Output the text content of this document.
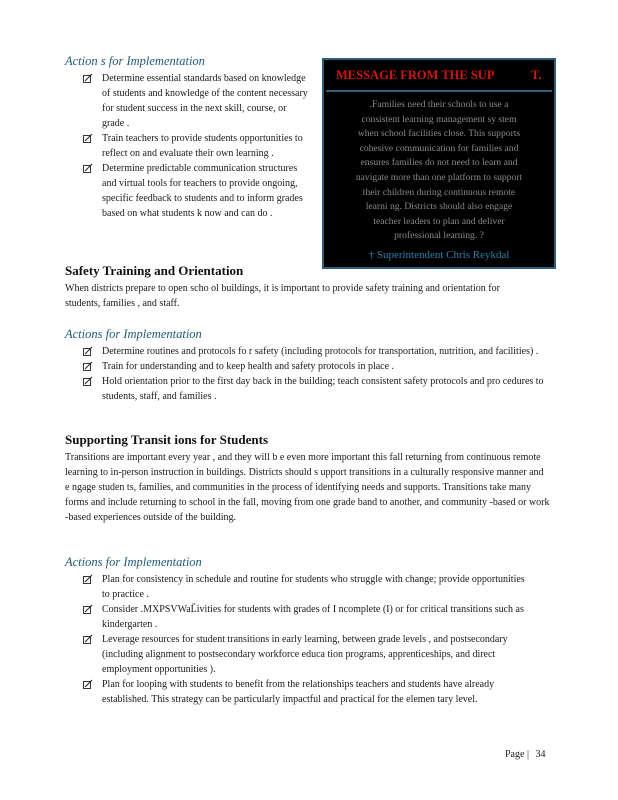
Action s for Implementation
Determine essential standards based on knowledge of students and knowledge of the content necessary for student success in the next skill, course, or grade .
Train teachers to provide students opportunities to reflect on and evaluate their own learning .
Determine predictable communication structures and virtual tools for teachers to provide ongoing, specific feedback to students and to inform grades based on what students k now and can do .
MESSAGE FROM THE SUP            T.
.Families need their schools to use a
consistent learning management sy stem
when school facilities close. This supports
cohesive communication for families and
ensures families do not need to learn and
navigate more than one platform to support
their children during continuous remote
learni ng. Districts should also engage
teacher leaders to plan and deliver
professional learning. ?
† Superintendent Chris Reykdal
Safety Training and Orientation
When districts prepare to open scho ol buildings, it is important to provide safety training and orientation for students, families , and staff.
Actions for Implementation
Determine routines and protocols fo r safety (including protocols for transportation, nutrition, and facilities) .
Train for understanding and to keep health and safety protocols in place .
Hold orientation prior to the first day back in the building; teach consistent safety protocols and pro cedures to students, staff, and families .
Supporting Transit ions for Students
Transitions are important every year , and they will b e even more important this fall returning from continuous remote learning to in-person instruction in buildings. Districts should s upport transitions in a culturally responsive manner and e ngage studen ts, families, and communities in the process of identifying needs and supports. Transitions take many forms and include returning to school in the fall, moving from one grade band to another, and community -based or work -based experiences outside of the building.
Actions for Implementation
Plan for consistency in schedule and routine for students who struggle with change; provide opportunities to practice .
Consider .MXPSVWaL̈̈̈ivities for students with grades of I ncomplete (I) or for critical transitions such as kindergarten .
Leverage resources for student transitions in early learning, between grade levels , and postsecondary (including alignment to postsecondary workforce educa tion programs, apprenticeships, and direct employment opportunities ).
Plan for looping with students to benefit from the relationships teachers and students have already established. This strategy can be particularly impactful and practical for the elemen tary level.
Page | 34
